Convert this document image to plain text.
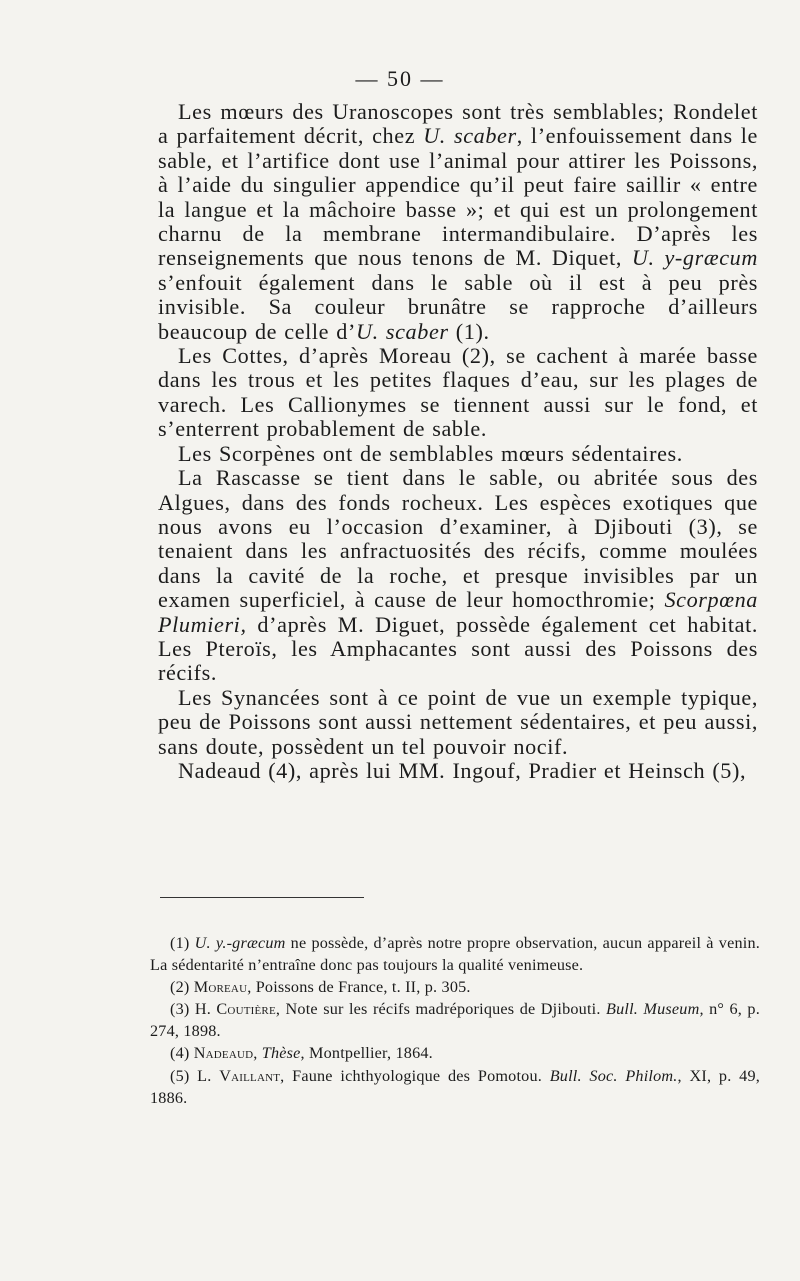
— 50 —

Les mœurs des Uranoscopes sont très semblables; Rondelet a parfaitement décrit, chez U. scaber, l’enfouissement dans le sable, et l’artifice dont use l’animal pour attirer les Poissons, à l’aide du singulier appendice qu’il peut faire saillir « entre la langue et la mâchoire basse »; et qui est un prolongement charnu de la membrane intermandibulaire. D’après les renseignements que nous tenons de M. Diquet, U. y-græcum s’enfouit également dans le sable où il est à peu près invisible. Sa couleur brunâtre se rapproche d’ailleurs beaucoup de celle d’U. scaber (1).

Les Cottes, d’après Moreau (2), se cachent à marée basse dans les trous et les petites flaques d’eau, sur les plages de varech. Les Callionymes se tiennent aussi sur le fond, et s’enterrent probablement de sable.

Les Scorpènes ont de semblables mœurs sédentaires.

La Rascasse se tient dans le sable, ou abritée sous des Algues, dans des fonds rocheux. Les espèces exotiques que nous avons eu l’occasion d’examiner, à Djibouti (3), se tenaient dans les anfractuosités des récifs, comme moulées dans la cavité de la roche, et presque invisibles par un examen superficiel, à cause de leur homocthromie; Scorpœna Plumieri, d’après M. Diguet, possède également cet habitat. Les Pteroïs, les Amphacantes sont aussi des Poissons des récifs.

Les Synancées sont à ce point de vue un exemple typique, peu de Poissons sont aussi nettement sédentaires, et peu aussi, sans doute, possèdent un tel pouvoir nocif.

Nadeaud (4), après lui MM. Ingouf, Pradier et Heinsch (5),

(1) U. y.-græcum ne possède, d’après notre propre observation, aucun appareil à venin. La sédentarité n’entraîne donc pas toujours la qualité venimeuse.

(2) Moreau, Poissons de France, t. II, p. 305.

(3) H. Coutière, Note sur les récifs madréporiques de Djibouti. Bull. Museum, n° 6, p. 274, 1898.

(4) Nadeaud, Thèse, Montpellier, 1864.

(5) L. Vaillant, Faune ichthyologique des Pomotou. Bull. Soc. Philom., XI, p. 49, 1886.
